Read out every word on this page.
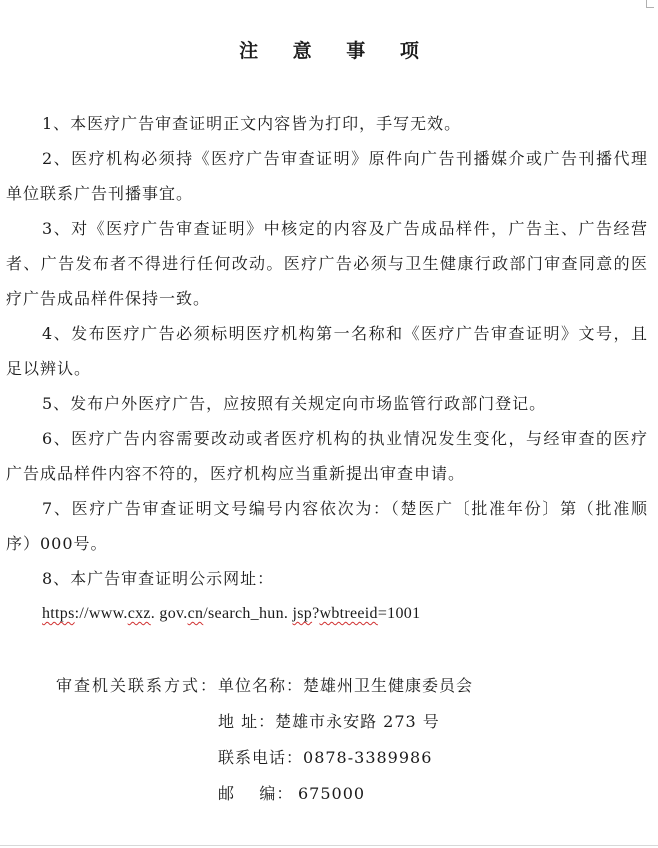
注 意 事 项

1、本医疗广告审查证明正文内容皆为打印，手写无效。

2、医疗机构必须持《医疗广告审查证明》原件向广告刊播媒介或广告刊播代理单位联系广告刊播事宜。

3、对《医疗广告审查证明》中核定的内容及广告成品样件，广告主、广告经营者、广告发布者不得进行任何改动。医疗广告必须与卫生健康行政部门审查同意的医疗广告成品样件保持一致。

4、发布医疗广告必须标明医疗机构第一名称和《医疗广告审查证明》文号，且足以辨认。

5、发布户外医疗广告，应按照有关规定向市场监管行政部门登记。

6、医疗广告内容需要改动或者医疗机构的执业情况发生变化，与经审查的医疗广告成品样件内容不符的，医疗机构应当重新提出审查申请。

7、医疗广告审查证明文号编号内容依次为：（楚医广〔批准年份〕第（批准顺序）000号。

8、本广告审查证明公示网址：

https://www.cxz. gov.cn/search_hun. jsp?wbtreeid=1001

审查机关联系方式： 单位名称： 楚雄州卫生健康委员会
地 址： 楚雄市永安路 273 号
联系电话： 0878-3389986
邮    编： 675000
